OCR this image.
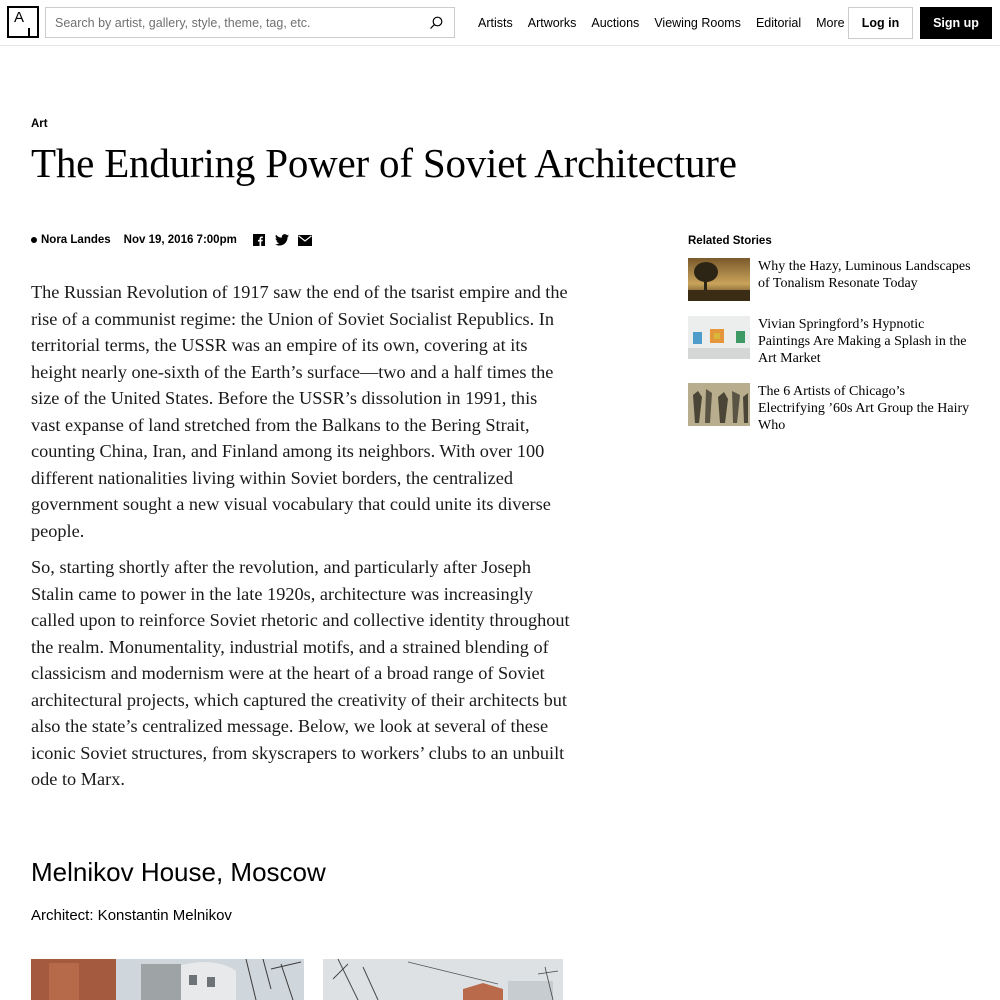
A
Search by artist, gallery, style, theme, tag, etc.	Artists Artworks Auctions Viewing Rooms Editorial More	Log in	Sign up
Art
The Enduring Power of Soviet Architecture
Nora Landes Nov 19, 2016 7:00pm

The Russian Revolution of 1917 saw the end of the tsarist empire and the rise of a communist regime: the Union of Soviet Socialist Republics. In territorial terms, the USSR was an empire of its own, covering at its height nearly one-sixth of the Earth’s surface—two and a half times the size of the United States. Before the USSR’s dissolution in 1991, this vast expanse of land stretched from the Balkans to the Bering Strait, counting China, Iran, and Finland among its neighbors. With over 100 different nationalities living within Soviet borders, the centralized government sought a new visual vocabulary that could unite its diverse people.

So, starting shortly after the revolution, and particularly after Joseph Stalin came to power in the late 1920s, architecture was increasingly called upon to reinforce Soviet rhetoric and collective identity throughout the realm. Monumentality, industrial motifs, and a strained blending of classicism and modernism were at the heart of a broad range of Soviet architectural projects, which captured the creativity of their architects but also the state’s centralized message. Below, we look at several of these iconic Soviet structures, from skyscrapers to workers’ clubs to an unbuilt ode to Marx.

Melnikov House, Moscow
Architect: Konstantin Melnikov
Related Stories
Why the Hazy, Luminous Landscapes of Tonalism Resonate Today
Vivian Springford’s Hypnotic Paintings Are Making a Splash in the Art Market
The 6 Artists of Chicago’s Electrifying ’60s Art Group the Hairy Who
